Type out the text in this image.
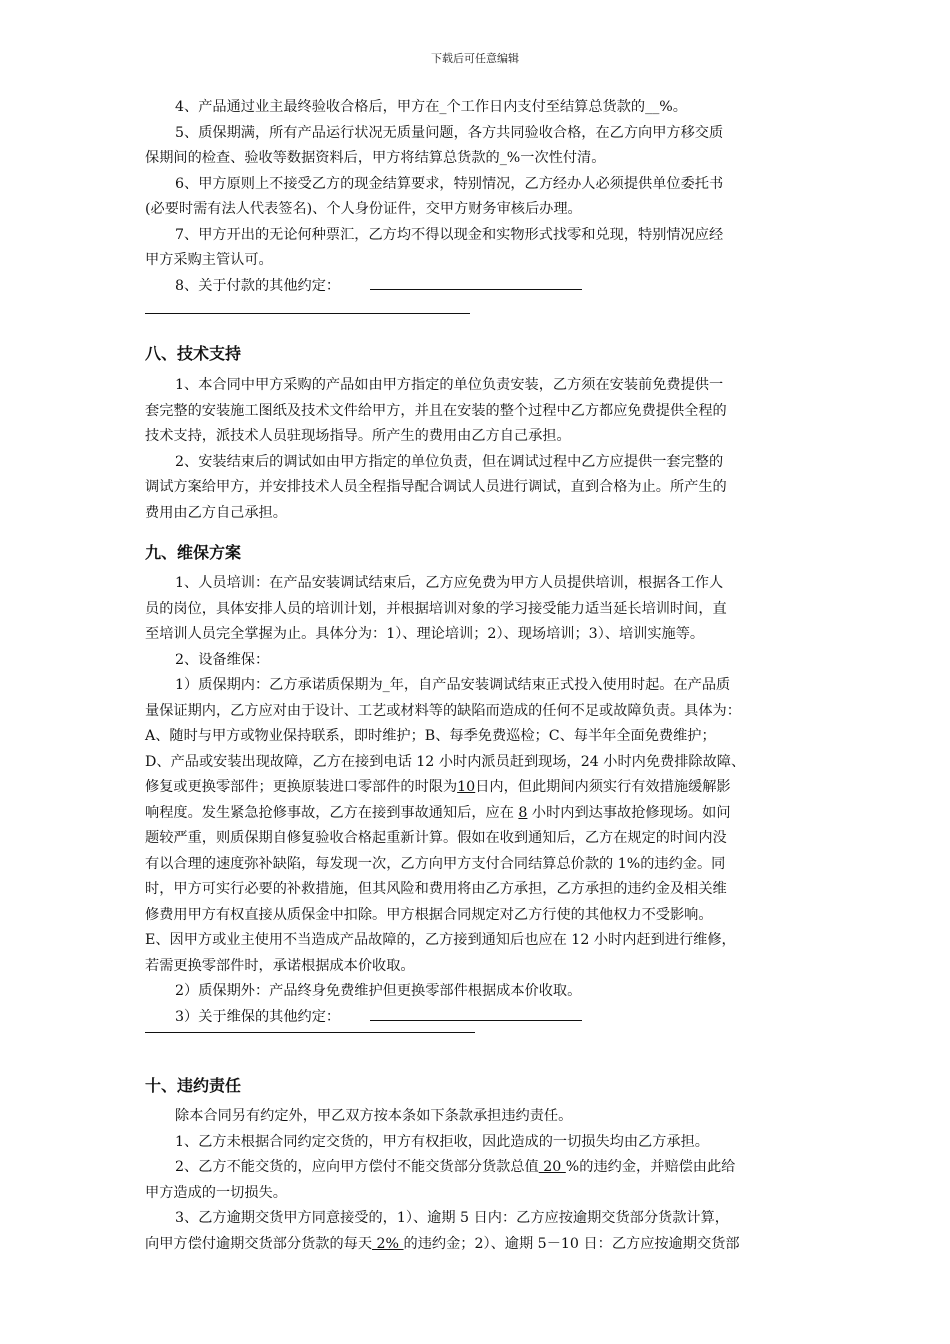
下载后可任意编辑
4、产品通过业主最终验收合格后，甲方在_个工作日内支付至结算总货款的__%。
5、质保期满，所有产品运行状况无质量问题，各方共同验收合格，在乙方向甲方移交质
保期间的检查、验收等数据资料后，甲方将结算总货款的_%一次性付清。
6、甲方原则上不接受乙方的现金结算要求，特别情况，乙方经办人必须提供单位委托书
(必要时需有法人代表签名)、个人身份证件，交甲方财务审核后办理。
7、甲方开出的无论何种票汇，乙方均不得以现金和实物形式找零和兑现，特别情况应经
甲方采购主管认可。
8、关于付款的其他约定：
八、技术支持
1、本合同中甲方采购的产品如由甲方指定的单位负责安装，乙方须在安装前免费提供一
套完整的安装施工图纸及技术文件给甲方，并且在安装的整个过程中乙方都应免费提供全程的
技术支持，派技术人员驻现场指导。所产生的费用由乙方自己承担。
2、安装结束后的调试如由甲方指定的单位负责，但在调试过程中乙方应提供一套完整的
调试方案给甲方，并安排技术人员全程指导配合调试人员进行调试，直到合格为止。所产生的
费用由乙方自己承担。
九、维保方案
1、人员培训：在产品安装调试结束后，乙方应免费为甲方人员提供培训，根据各工作人
员的岗位，具体安排人员的培训计划，并根据培训对象的学习接受能力适当延长培训时间，直
至培训人员完全掌握为止。具体分为：1）、理论培训；2）、现场培训；3）、培训实施等。
2、设备维保：
1）质保期内：乙方承诺质保期为_年，自产品安装调试结束正式投入使用时起。在产品质
量保证期内，乙方应对由于设计、工艺或材料等的缺陷而造成的任何不足或故障负责。具体为：
A、随时与甲方或物业保持联系，即时维护；B、每季免费巡检；C、每半年全面免费维护；
D、产品或安装出现故障，乙方在接到电话 12 小时内派员赶到现场，24 小时内免费排除故障、
修复或更换零部件；更换原装进口零部件的时限为10日内，但此期间内须实行有效措施缓解影
响程度。发生紧急抢修事故，乙方在接到事故通知后，应在 8 小时内到达事故抢修现场。如问
题较严重，则质保期自修复验收合格起重新计算。假如在收到通知后，乙方在规定的时间内没
有以合理的速度弥补缺陷，每发现一次，乙方向甲方支付合同结算总价款的 1%的违约金。同
时，甲方可实行必要的补救措施，但其风险和费用将由乙方承担，乙方承担的违约金及相关维
修费用甲方有权直接从质保金中扣除。甲方根据合同规定对乙方行使的其他权力不受影响。
E、因甲方或业主使用不当造成产品故障的，乙方接到通知后也应在 12 小时内赶到进行维修，
若需更换零部件时，承诺根据成本价收取。
2）质保期外：产品终身免费维护但更换零部件根据成本价收取。
3）关于维保的其他约定：
十、违约责任
除本合同另有约定外，甲乙双方按本条如下条款承担违约责任。
1、乙方未根据合同约定交货的，甲方有权拒收，因此造成的一切损失均由乙方承担。
2、乙方不能交货的，应向甲方偿付不能交货部分货款总值 20 %的违约金，并赔偿由此给
甲方造成的一切损失。
3、乙方逾期交货甲方同意接受的，1）、逾期 5 日内：乙方应按逾期交货部分货款计算，
向甲方偿付逾期交货部分货款的每天 2% 的违约金；2）、逾期 5－10 日：乙方应按逾期交货部
